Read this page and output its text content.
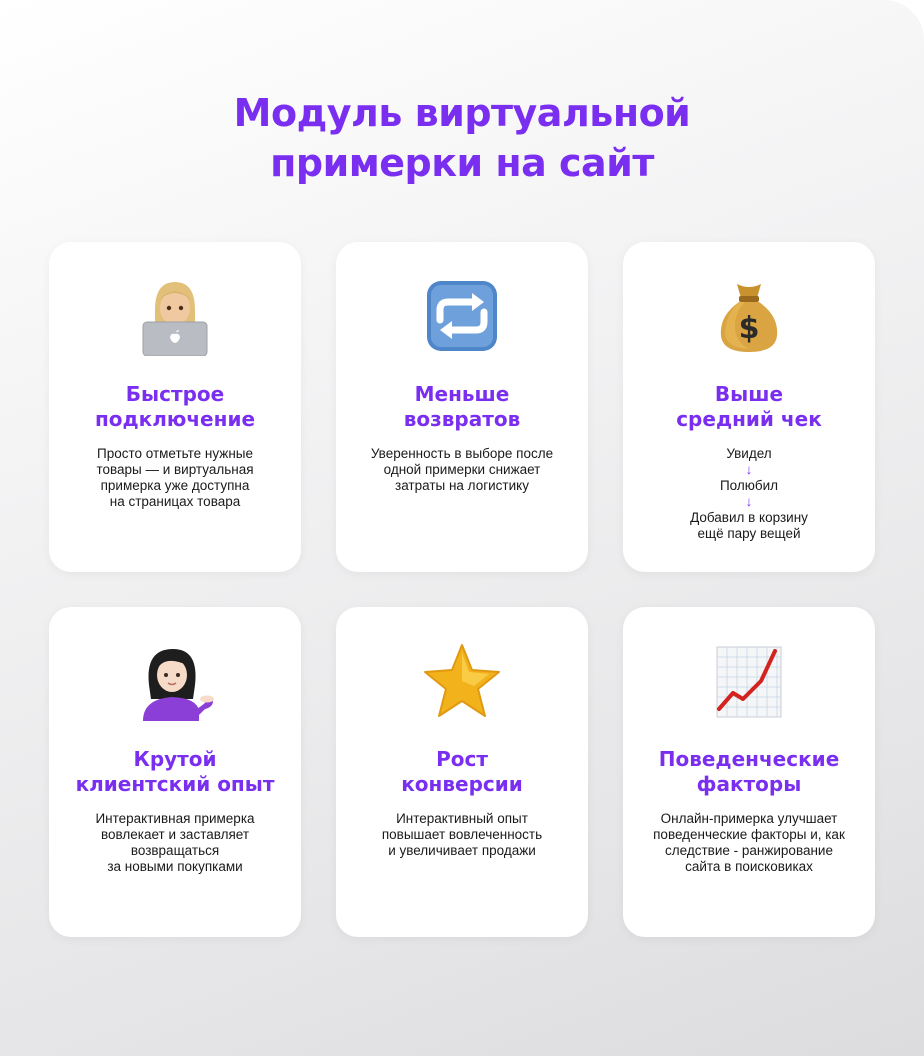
Модуль виртуальной
примерки на сайт
Быстрое
подключение
Просто отметьте нужные
товары — и виртуальная
примерка уже доступна
на страницах товара
Меньше
возвратов
Уверенность в выборе после
одной примерки снижает
затраты на логистику
$
Выше
средний чек
Увидел
↓
Полюбил
↓
Добавил в корзину
ещё пару вещей
Крутой
клиентский опыт
Интерактивная примерка
вовлекает и заставляет
возвращаться
за новыми покупками
Рост
конверсии
Интерактивный опыт
повышает вовлеченность
и увеличивает продажи
Поведенческие
факторы
Онлайн-примерка улучшает
поведенческие факторы и, как
следствие - ранжирование
сайта в поисковиках
